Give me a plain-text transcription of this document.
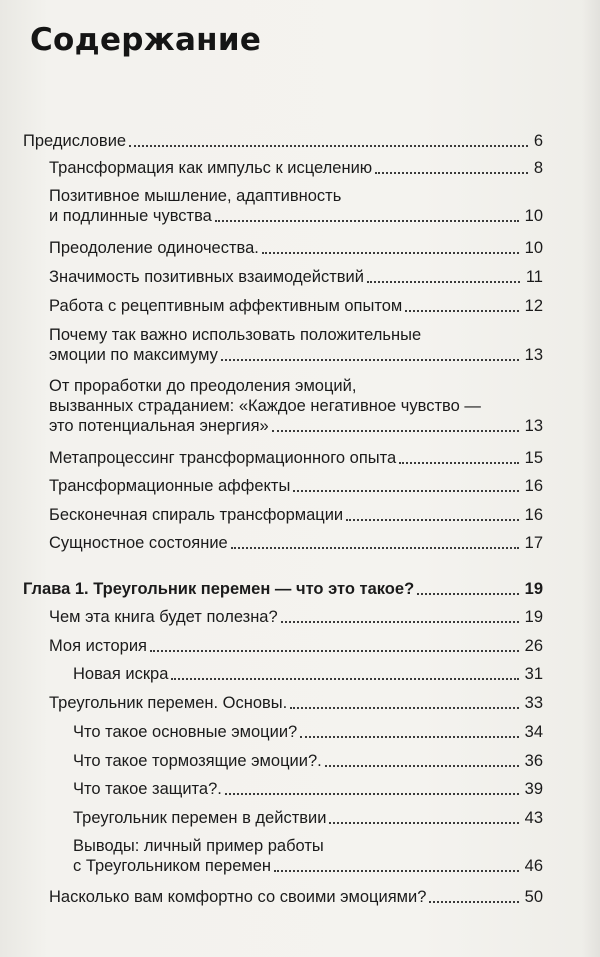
Содержание
Предисловие	6
Трансформация как импульс к исцелению	8
Позитивное мышление, адаптивность
и подлинные чувства	10
Преодоление одиночества.	10
Значимость позитивных взаимодействий	11
Работа с рецептивным аффективным опытом	12
Почему так важно использовать положительные
эмоции по максимуму	13
От проработки до преодоления эмоций,
вызванных страданием: «Каждое негативное чувство —
это потенциальная энергия»	13
Метапроцессинг трансформационного опыта	15
Трансформационные аффекты	16
Бесконечная спираль трансформации	16
Сущностное состояние	17
Глава 1. Треугольник перемен — что это такое?	19
Чем эта книга будет полезна?	19
Моя история	26
Новая искра	31
Треугольник перемен. Основы.	33
Что такое основные эмоции?	34
Что такое тормозящие эмоции?.	36
Что такое защита?.	39
Треугольник перемен в действии	43
Выводы: личный пример работы
с Треугольником перемен	46
Насколько вам комфортно со своими эмоциями?	50
